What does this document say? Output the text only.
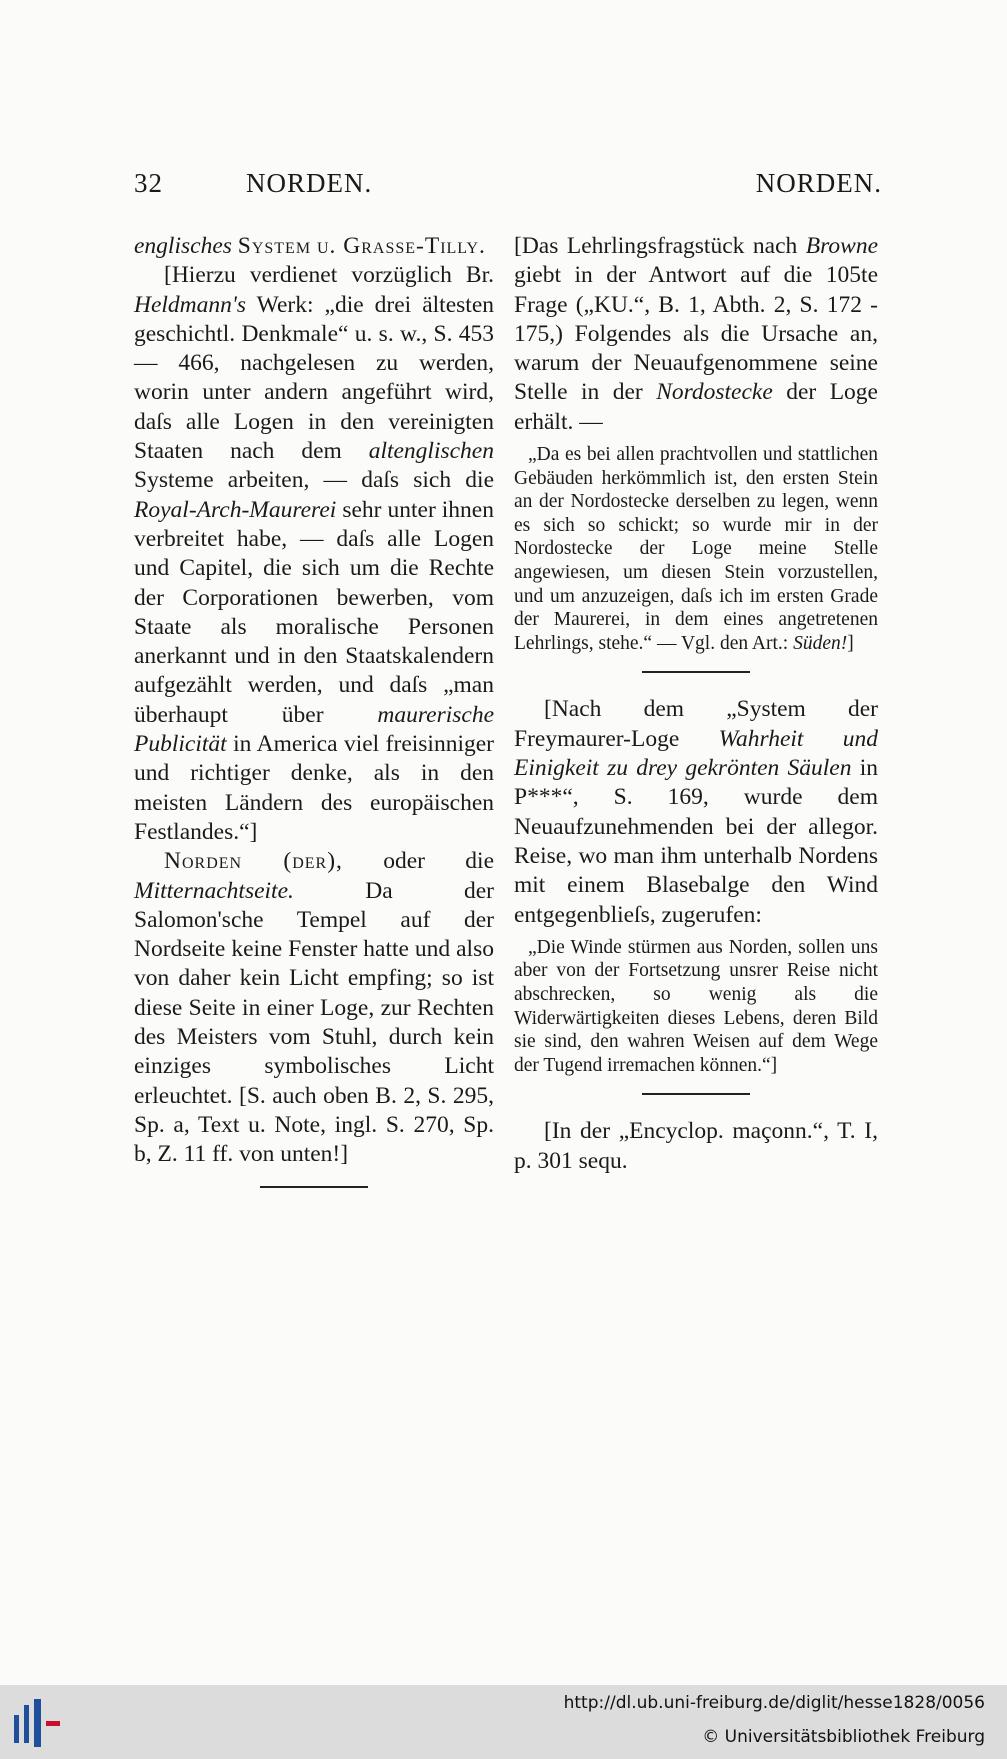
32	NORDEN.	NORDEN.

englisches System u. Grasse-Tilly.

[Hierzu verdienet vorzüglich Br. Heldmann's Werk: „die drei ältesten geschichtl. Denkmale“ u. s. w., S. 453 — 466, nachgelesen zu werden, worin unter andern angeführt wird, daſs alle Logen in den vereinigten Staaten nach dem altenglischen Systeme arbeiten, — daſs sich die Royal-Arch-Maurerei sehr unter ihnen verbreitet habe, — daſs alle Logen und Capitel, die sich um die Rechte der Corporationen bewerben, vom Staate als moralische Personen anerkannt und in den Staatskalendern aufgezählt werden, und daſs „man überhaupt über maurerische Publicität in America viel freisinniger und richtiger denke, als in den meisten Ländern des europäischen Festlandes.“]

Norden (der), oder die Mitternachtseite. Da der Salomon'sche Tempel auf der Nordseite keine Fenster hatte und also von daher kein Licht empfing; so ist diese Seite in einer Loge, zur Rechten des Meisters vom Stuhl, durch kein einziges symbolisches Licht erleuchtet. [S. auch oben B. 2, S. 295, Sp. a, Text u. Note, ingl. S. 270, Sp. b, Z. 11 ff. von unten!]

[Das Lehrlingsfragstück nach Browne giebt in der Antwort auf die 105te Frage („KU.“, B. 1, Abth. 2, S. 172 - 175,) Folgendes als die Ursache an, warum der Neuaufgenommene seine Stelle in der Nordostecke der Loge erhält. —

„Da es bei allen prachtvollen und stattlichen Gebäuden herkömmlich ist, den ersten Stein an der Nordostecke derselben zu legen, wenn es sich so schickt; so wurde mir in der Nordostecke der Loge meine Stelle angewiesen, um diesen Stein vorzustellen, und um anzuzeigen, daſs ich im ersten Grade der Maurerei, in dem eines angetretenen Lehrlings, stehe.“ — Vgl. den Art.: Süden!]

[Nach dem „System der Freymaurer-Loge Wahrheit und Einigkeit zu drey gekrönten Säulen in P***“, S. 169, wurde dem Neuaufzunehmenden bei der allegor. Reise, wo man ihm unterhalb Nordens mit einem Blasebalge den Wind entgegenblieſs, zugerufen:

„Die Winde stürmen aus Norden, sollen uns aber von der Fortsetzung unsrer Reise nicht abschrecken, so wenig als die Widerwärtigkeiten dieses Lebens, deren Bild sie sind, den wahren Weisen auf dem Wege der Tugend irremachen können.“]

[In der „Encyclop. maçonn.“, T. I, p. 301 sequ.

http://dl.ub.uni-freiburg.de/diglit/hesse1828/0056
© Universitätsbibliothek Freiburg
